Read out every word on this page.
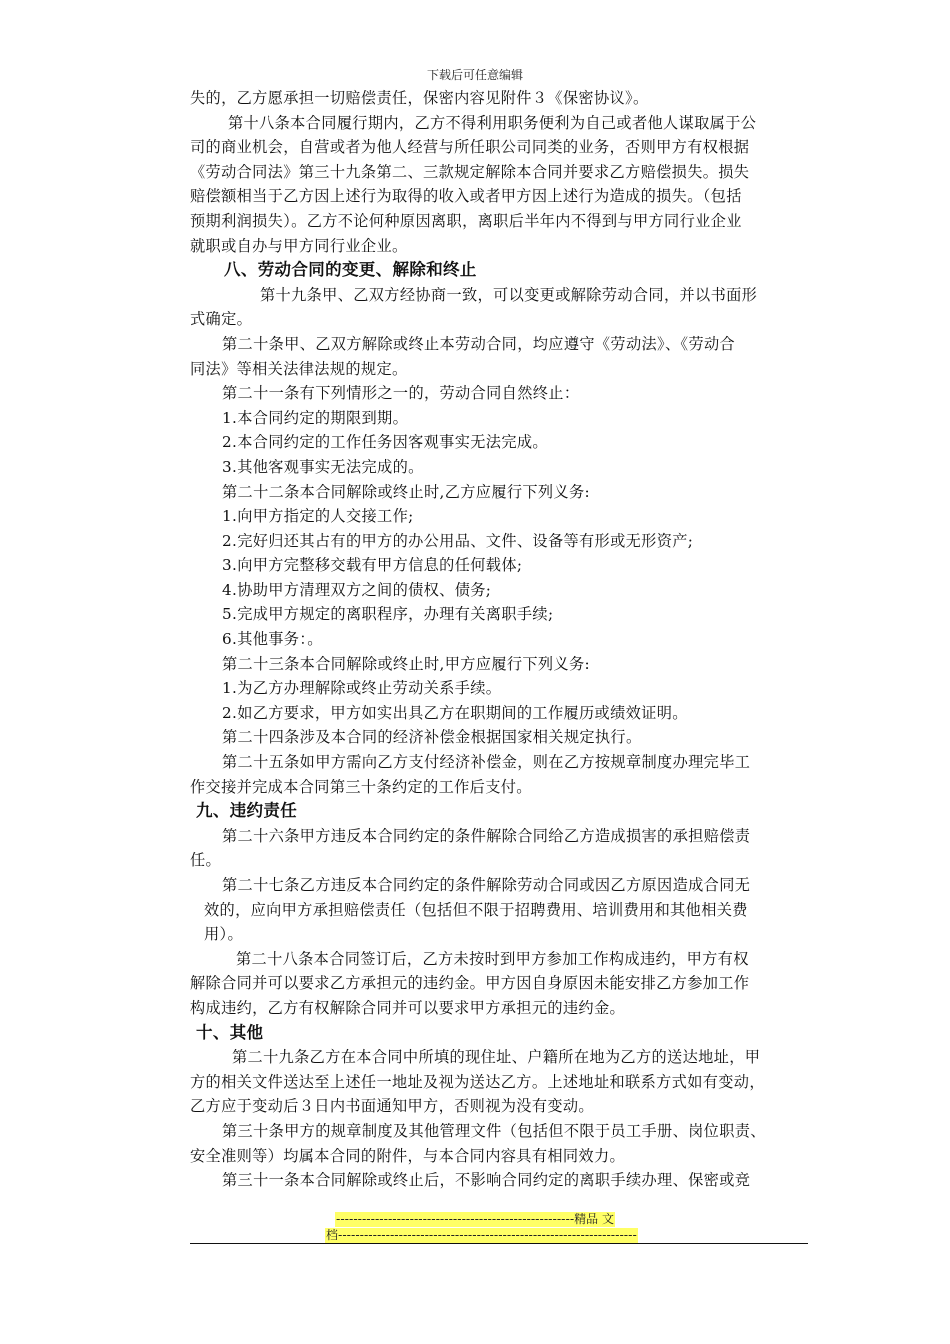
下载后可任意编辑
失的，乙方愿承担一切赔偿责任，保密内容见附件３《保密协议》。
第十八条本合同履行期内，乙方不得利用职务便利为自己或者他人谋取属于公
司的商业机会，自营或者为他人经营与所任职公司同类的业务，否则甲方有权根据
《劳动合同法》第三十九条第二、三款规定解除本合同并要求乙方赔偿损失。损失
赔偿额相当于乙方因上述行为取得的收入或者甲方因上述行为造成的损失。（包括
预期利润损失）。乙方不论何种原因离职，离职后半年内不得到与甲方同行业企业
就职或自办与甲方同行业企业。
八、劳动合同的变更、解除和终止
第十九条甲、乙双方经协商一致，可以变更或解除劳动合同，并以书面形
式确定。
第二十条甲、乙双方解除或终止本劳动合同，均应遵守《劳动法》、《劳动合
同法》等相关法律法规的规定。
第二十一条有下列情形之一的，劳动合同自然终止：
1.本合同约定的期限到期。
2.本合同约定的工作任务因客观事实无法完成。
3.其他客观事实无法完成的。
第二十二条本合同解除或终止时,乙方应履行下列义务:
1.向甲方指定的人交接工作;
2.完好归还其占有的甲方的办公用品、文件、设备等有形或无形资产;
3.向甲方完整移交载有甲方信息的任何载体;
4.协助甲方清理双方之间的债权、债务;
5.完成甲方规定的离职程序，办理有关离职手续;
6.其他事务：。
第二十三条本合同解除或终止时,甲方应履行下列义务:
1.为乙方办理解除或终止劳动关系手续。
2.如乙方要求，甲方如实出具乙方在职期间的工作履历或绩效证明。
第二十四条涉及本合同的经济补偿金根据国家相关规定执行。
第二十五条如甲方需向乙方支付经济补偿金，则在乙方按规章制度办理完毕工
作交接并完成本合同第三十条约定的工作后支付。
九、违约责任
第二十六条甲方违反本合同约定的条件解除合同给乙方造成损害的承担赔偿责
任。
第二十七条乙方违反本合同约定的条件解除劳动合同或因乙方原因造成合同无
效的，应向甲方承担赔偿责任（包括但不限于招聘费用、培训费用和其他相关费
用）。
第二十八条本合同签订后，乙方未按时到甲方参加工作构成违约，甲方有权
解除合同并可以要求乙方承担元的违约金。甲方因自身原因未能安排乙方参加工作
构成违约，乙方有权解除合同并可以要求甲方承担元的违约金。
十、其他
第二十九条乙方在本合同中所填的现住址、户籍所在地为乙方的送达地址，甲
方的相关文件送达至上述任一地址及视为送达乙方。上述地址和联系方式如有变动，
乙方应于变动后３日内书面通知甲方，否则视为没有变动。
第三十条甲方的规章制度及其他管理文件（包括但不限于员工手册、岗位职责、
安全准则等）均属本合同的附件，与本合同内容具有相同效力。
第三十一条本合同解除或终止后，不影响合同约定的离职手续办理、保密或竞
-------------------------------------------------------精品 文
档---------------------------------------------------------------------
